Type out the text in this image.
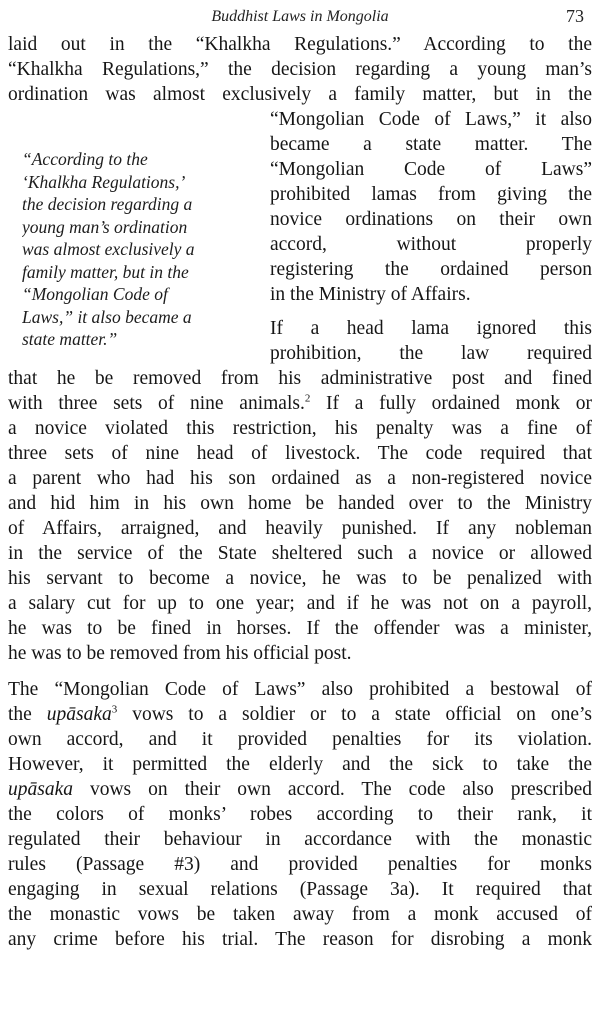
Buddhist Laws in Mongolia	73
“According to the
‘Khalkha Regulations,’
the decision regarding a
young man’s ordination
was almost exclusively a
family matter, but in the
“Mongolian Code of
Laws,” it also became a
state matter.”
laid out in the “Khalkha Regulations.” According to the
“Khalkha Regulations,” the decision regarding a young man’s
ordination was almost exclusively a family matter, but in the
“Mongolian Code of Laws,” it also
became a state matter. The
“Mongolian Code of Laws”
prohibited lamas from giving the
novice ordinations on their own
accord, without properly
registering the ordained person
in the Ministry of Affairs.
If a head lama ignored this
prohibition, the law required
that he be removed from his administrative post and fined
with three sets of nine animals.$^2$ If a fully ordained monk or
a novice violated this restriction, his penalty was a fine of
three sets of nine head of livestock. The code required that
a parent who had his son ordained as a non-registered novice
and hid him in his own home be handed over to the Ministry
of Affairs, arraigned, and heavily punished. If any nobleman
in the service of the State sheltered such a novice or allowed
his servant to become a novice, he was to be penalized with
a salary cut for up to one year; and if he was not on a payroll,
he was to be fined in horses. If the offender was a minister,
he was to be removed from his official post.
The “Mongolian Code of Laws” also prohibited a bestowal of
the upāsaka$^3$ vows to a soldier or to a state official on one’s
own accord, and it provided penalties for its violation.
However, it permitted the elderly and the sick to take the
upāsaka vows on their own accord. The code also prescribed
the colors of monks’ robes according to their rank, it
regulated their behaviour in accordance with the monastic
rules (Passage #3) and provided penalties for monks
engaging in sexual relations (Passage 3a). It required that
the monastic vows be taken away from a monk accused of
any crime before his trial. The reason for disrobing a monk
